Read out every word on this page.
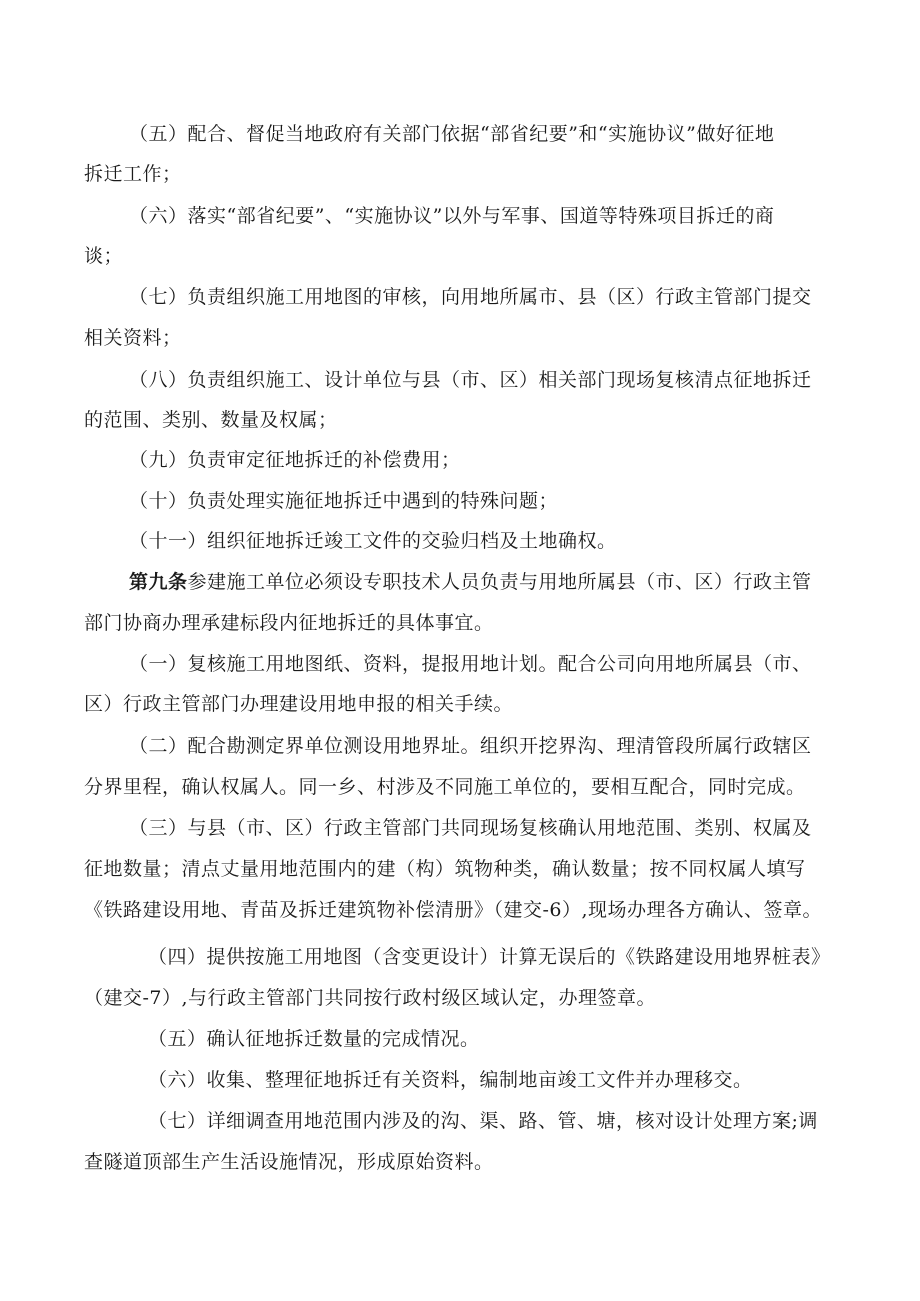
（五）配合、督促当地政府有关部门依据“部省纪要”和“实施协议”做好征地
拆迁工作；
（六）落实“部省纪要”、“实施协议”以外与军事、国道等特殊项目拆迁的商
谈；
（七）负责组织施工用地图的审核，向用地所属市、县（区）行政主管部门提交
相关资料；
（八）负责组织施工、设计单位与县（市、区）相关部门现场复核清点征地拆迁
的范围、类别、数量及权属；
（九）负责审定征地拆迁的补偿费用；
（十）负责处理实施征地拆迁中遇到的特殊问题；
（十一）组织征地拆迁竣工文件的交验归档及土地确权。
第九条参建施工单位必须设专职技术人员负责与用地所属县（市、区）行政主管
部门协商办理承建标段内征地拆迁的具体事宜。
（一）复核施工用地图纸、资料，提报用地计划。配合公司向用地所属县（市、
区）行政主管部门办理建设用地申报的相关手续。
（二）配合勘测定界单位测设用地界址。组织开挖界沟、理清管段所属行政辖区
分界里程，确认权属人。同一乡、村涉及不同施工单位的，要相互配合，同时完成。
（三）与县（市、区）行政主管部门共同现场复核确认用地范围、类别、权属及
征地数量；清点丈量用地范围内的建（构）筑物种类，确认数量；按不同权属人填写
《铁路建设用地、青苗及拆迁建筑物补偿清册》（建交-6）,现场办理各方确认、签章。
（四）提供按施工用地图（含变更设计）计算无误后的《铁路建设用地界桩表》
（建交-7）,与行政主管部门共同按行政村级区域认定，办理签章。
（五）确认征地拆迁数量的完成情况。
（六）收集、整理征地拆迁有关资料，编制地亩竣工文件并办理移交。
（七）详细调查用地范围内涉及的沟、渠、路、管、塘，核对设计处理方案;调
查隧道顶部生产生活设施情况，形成原始资料。
